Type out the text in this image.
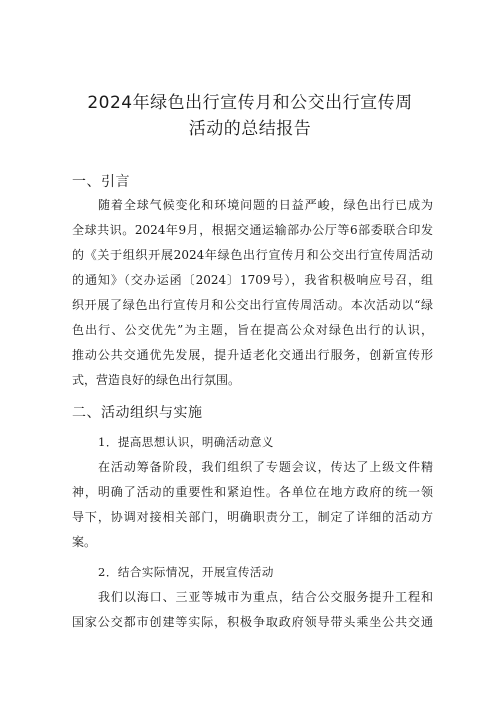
2024年绿色出行宣传月和公交出行宣传周
活动的总结报告
一、引言
随着全球气候变化和环境问题的日益严峻，绿色出行已成为
全球共识。2024年9月，根据交通运输部办公厅等6部委联合印发
的《关于组织开展2024年绿色出行宣传月和公交出行宣传周活动
的通知》（交办运函〔2024〕1709号），我省积极响应号召，组
织开展了绿色出行宣传月和公交出行宣传周活动。本次活动以“绿
色出行、公交优先”为主题，旨在提高公众对绿色出行的认识，
推动公共交通优先发展，提升适老化交通出行服务，创新宣传形
式，营造良好的绿色出行氛围。
二、活动组织与实施
1．提高思想认识，明确活动意义
在活动筹备阶段，我们组织了专题会议，传达了上级文件精
神，明确了活动的重要性和紧迫性。各单位在地方政府的统一领
导下，协调对接相关部门，明确职责分工，制定了详细的活动方
案。
2．结合实际情况，开展宣传活动
我们以海口、三亚等城市为重点，结合公交服务提升工程和
国家公交都市创建等实际，积极争取政府领导带头乘坐公共交通
